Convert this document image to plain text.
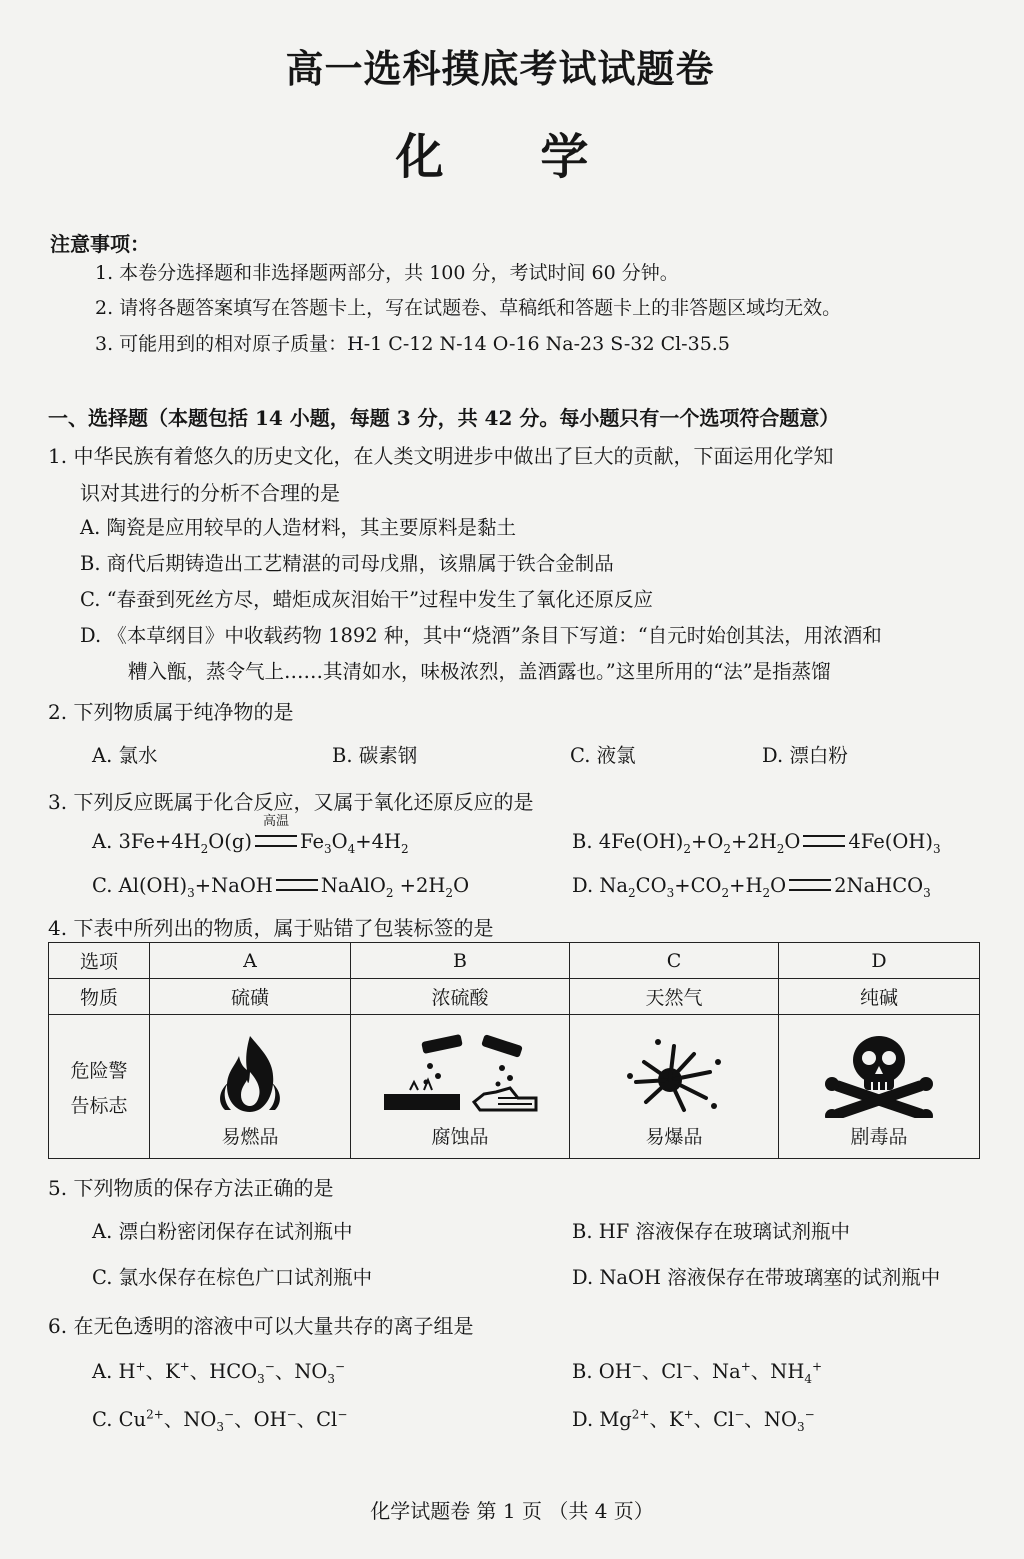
高一选科摸底考试试题卷
化 学
注意事项：
1. 本卷分选择题和非选择题两部分，共 100 分，考试时间 60 分钟。
2. 请将各题答案填写在答题卡上，写在试题卷、草稿纸和答题卡上的非答题区域均无效。
3. 可能用到的相对原子质量：H-1 C-12 N-14 O-16 Na-23 S-32 Cl-35.5
一、选择题（本题包括 14 小题，每题 3 分，共 42 分。每小题只有一个选项符合题意）
1. 中华民族有着悠久的历史文化，在人类文明进步中做出了巨大的贡献，下面运用化学知
识对其进行的分析不合理的是
A. 陶瓷是应用较早的人造材料，其主要原料是黏土
B. 商代后期铸造出工艺精湛的司母戊鼎，该鼎属于铁合金制品
C. “春蚕到死丝方尽，蜡炬成灰泪始干”过程中发生了氧化还原反应
D. 《本草纲目》中收载药物 1892 种，其中“烧酒”条目下写道：“自元时始创其法，用浓酒和
糟入甑，蒸令气上……其清如水，味极浓烈，盖酒露也。”这里所用的“法”是指蒸馏
2. 下列物质属于纯净物的是
A. 氯水	B. 碳素钢	C. 液氯	D. 漂白粉
3. 下列反应既属于化合反应，又属于氧化还原反应的是
A. $3Fe+4H_2O(g)$
高温
$Fe_3O_4+4H_2$	B. $4Fe(OH)_2+O_2+2H_2O$ $4Fe(OH)_3$
C. $Al(OH)_3+NaOH$ NaAlO$_2$ $+2H_2O$	D. $Na_2CO_3+CO_2+H_2O$ 2NaHCO$_3$
4. 下表中所列出的物质，属于贴错了包装标签的是
选项	A	B	C	D
物质	硫磺	浓硫酸	天然气	纯碱

危险警
告标志	易燃品	腐蚀品	易爆品	剧毒品
5. 下列物质的保存方法正确的是
A. 漂白粉密闭保存在试剂瓶中	B. HF 溶液保存在玻璃试剂瓶中
C. 氯水保存在棕色广口试剂瓶中	D. NaOH 溶液保存在带玻璃塞的试剂瓶中
6. 在无色透明的溶液中可以大量共存的离子组是
A. H+、K+、$HCO_3^-$、$NO_3^-$	B. OH−、Cl−、Na+、$NH_4^+$
C. $Cu^{2+}$、$NO_3^-$、OH−、Cl−	D. $Mg^{2+}$、K+、Cl−、$NO_3^-$
化学试题卷 第 1 页 （共 4 页）
